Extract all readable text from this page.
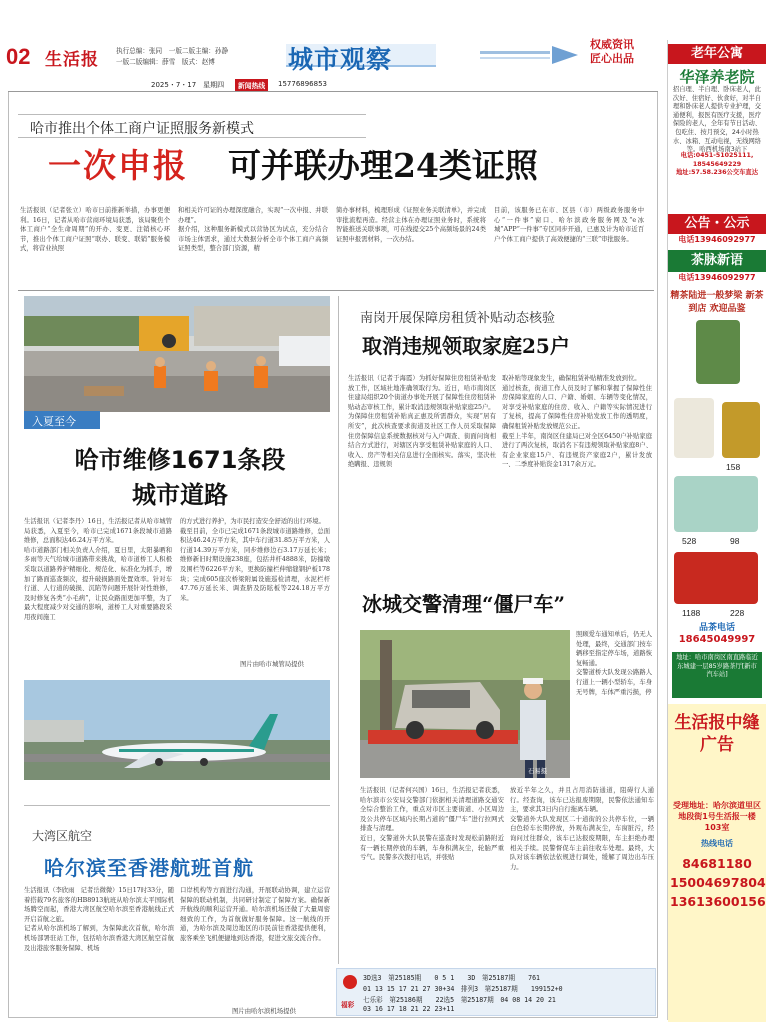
02 生活报	执行总编：张同　一版二版主编：孙静
一版二版编辑：薛雪　版式：赵博	城市观察
权威资讯
匠心出品
2025・7・17　星期四	新闻热线	15776896853
哈市推出个体工商户证照服务新模式
一次申报 可并联办理24类证照
生活报讯（记者张立）哈市日前推新举措，办事更便利。16日，记者从哈市营商环境局获悉，该局聚焦个体工商户“全生命周期”的开办、变更、注销核心环节，推出个体工商户证照“联办、联变、联销”服务模式，将营业执照
和相关许可证的办理深度融合，实现“一次申报、并联办理”。
据介绍，这种服务新模式以营协区为试点，充分结合市场主体需求，通过大数据分析全市个体工商户高频证照类型，整合部门资源，精
简办事材料，梳理形成《证照业务关联清单》，并完成审批流程再造。经营主体在办理证照业务时，系统将智能推送关联事项，可在线提交25个高频场景的24类证照申报需材料，一次办结。
目前，该服务已在市、区县（市）两级政务服务中心“一件事”窗口、哈尔滨政务服务网及“e冰城”APP“一件事”专区同步开通，已惠及计为哈市近百户个体工商户提供了高效便捷的“三联”审批服务。
入夏至今
哈市维修1671条段
城市道路
生活报讯（记者李丹）16日，生活报记者从哈市城管局获悉，入夏至今，哈市已完成1671条段城市道路维修，总面积达46.24万平方米。
哈市道路部门相关负责人介绍，夏日里，太阳暴晒和多雨等天气给城市道路带来挑战，哈市道桥工人积极采取以道路养护精细化、规范化、标准化为抓手，增加了路面巡查频次，提升破损路面处置效率。针对车行道、人行道的破损、沉陷等问题开展针对性维修，及时修复各类“小毛病”，让民众路面更加平整，为了最大程度减少对交通的影响，道桥工人对重要路段采用夜间施工
的方式进行养护，为市民打造安全舒适的出行环境。
截至目前，全市已完成1671条段城市道路维修，总面积达46.24万平方米，其中车行道31.85万平方米，人行道14.39万平方米，同步维修边石3.17万延长米；维修新旧时期设施238座，包括井杆4888米，防撞墩及围栏等6226平方米，更换防撞栏伸缩缝钢护板178块；完成605座次桥梁附属设施巡检清理，水泥栏杆47.76万延长米、调查脐及防眩板等224.18万平方米。
图片由哈市城管局提供
大湾区航空
哈尔滨至香港航班首航
生活报讯（李欣雨　记者岳微微）15日17时33分，随着搭载79名旅客的HB8913航班从哈尔滨太平国际机场腾空而起，香港大湾区航空哈尔滨至香港航线正式开启首航之旅。
记者从哈尔滨机场了解到，为保障此次首航，哈尔滨机场部署驻站工作，包括哈尔滨香港大湾区航空首航及出港旅客服务保障、机场
口岸机构等方面进行沟通，开展联动协调，建立运营保障的联动机制，共同研讨制定了保障方案。确保新开航线的顺利运营开通。哈尔滨机场还做了大量周密细致的工作，为首航做好服务保障。这一航线的开通，为哈尔滨及周边地区的市民前往香港提供便利，旅客乘坐飞机便捷地到达香港，促进文旅交流合作。
图片由哈尔滨机场提供
南岗开展保障房租赁补贴动态核验
取消违规领取家庭25户
生活报讯（记者于海霞）为抓好保障住房租赁补贴发放工作，区域社地准确领取行为。近日，哈市南岗区住建局组织20个街道办事处开展了保障性住房租赁补贴动态审核工作，累计取消违规领取补贴家庭25户。
为保障住房租赁补贴真正惠及所需群众，实现“居有所安”，此次核查要求街道及社区工作人员采取保障住房保障信息系统数据核对与入户调查、街面问询相结合方式进行，对辖区内享受租赁补贴家庭的人口、收入、房产等相关信息进行全面核实。落实，坚决杜绝瞒报、违规领
取补贴等现象发生，确保租赁补贴精准发放到位。
通过核查，街道工作人员及时了解和掌握了保障性住房保障家庭的人口、户籍、婚姻、车辆等变化情况，对享受补贴家庭的住房、收入、户籍等实际情况进行了复核，提高了保障性住房补贴发放工作的透明度，确保租赁补贴发放规范公正。
截至上半年，南岗区住建局已对全区6450户补贴家庭进行了两次复核，取消名下有违规领取补贴家庭8户、有企业家庭15户、有违规资产家庭2户，累计发放一、二季度补贴资金1317余万元。
冰城交警清理“僵尸车”
石易摄
照顾爱车通知单后，仍无人处理，最终，交通部门按车辆移至指定停车场，道路恢复畅通。
交警道桥大队发现公路路人行道上一辆小型轿车，车身无号牌，车体严重污损，停
生活报讯（记者何兴国）16日，生活报记者获悉，哈尔滨市公安局交警部门依据相关清理道路交通安全综合整治工作，重点对市区主要街道、小区周边及公共停车区域内长期占道的“僵尸车”进行拉网式排查与清理。
近日，交警道外大队民警在巡查时发现松前路附近有一辆长期停放的车辆，车身积满灰尘，轮胎严重亏气。民警多次拨打电话，并张贴
放近半年之久，并且占用消防通道，阻碍行人通行。经查询，该车已达报废期限，民警依法通知车主，要求其3日内自行拖离车辆。
交警道外大队发现区二十道街的公共停车位，一辆白色轿车长期停放，外观布满灰尘，车窗脏污，经询问过往群众，该车已达报废期限，车主拒绝办理相关手续。民警督促车主前往收车处理。最终，大队对该车辆依法依规进行调处，缓解了周边出车压力。
福彩
3D选3　第25185期　　0 5 1　　3D　第25187期　　761
01 13 15 17 21 27 30+34　排列3　第25187期　　199152+0
七乐彩　第25186期　　22选5　第25187期　04 08 14 20 21
03 16 17 18 21 22 23+11
老年公寓
华泽养老院
招自理、半自理、卧床老人，此次好、住宿好、伙食好，对半自理和卧床老人提供专业护理，交通便利，报医有医疗支援，医疗保险的老人，全年有节日活动、包吃住、按月预交，24小时热水、冰箱、互动电视，无线网络等。哈西机场南3站下
电话:0451-51025111, 18545649229
地址:57.58.236公交车直达
公告・公示
电话13946092977
茶脉新语
电话13946092977
精茶陆进一般梦梁 新茶到店 欢迎品鉴
158
528	98
1188	228
品茶电话
18645049997
地址：哈市南岗区南直路临近东城建一层85岁路茶厅[新市汽车站]
生活报中缝广告
受理地址：哈尔滨道里区地段街1号生活报一楼103室
热线电话
84681180
15004697804
13613600156
